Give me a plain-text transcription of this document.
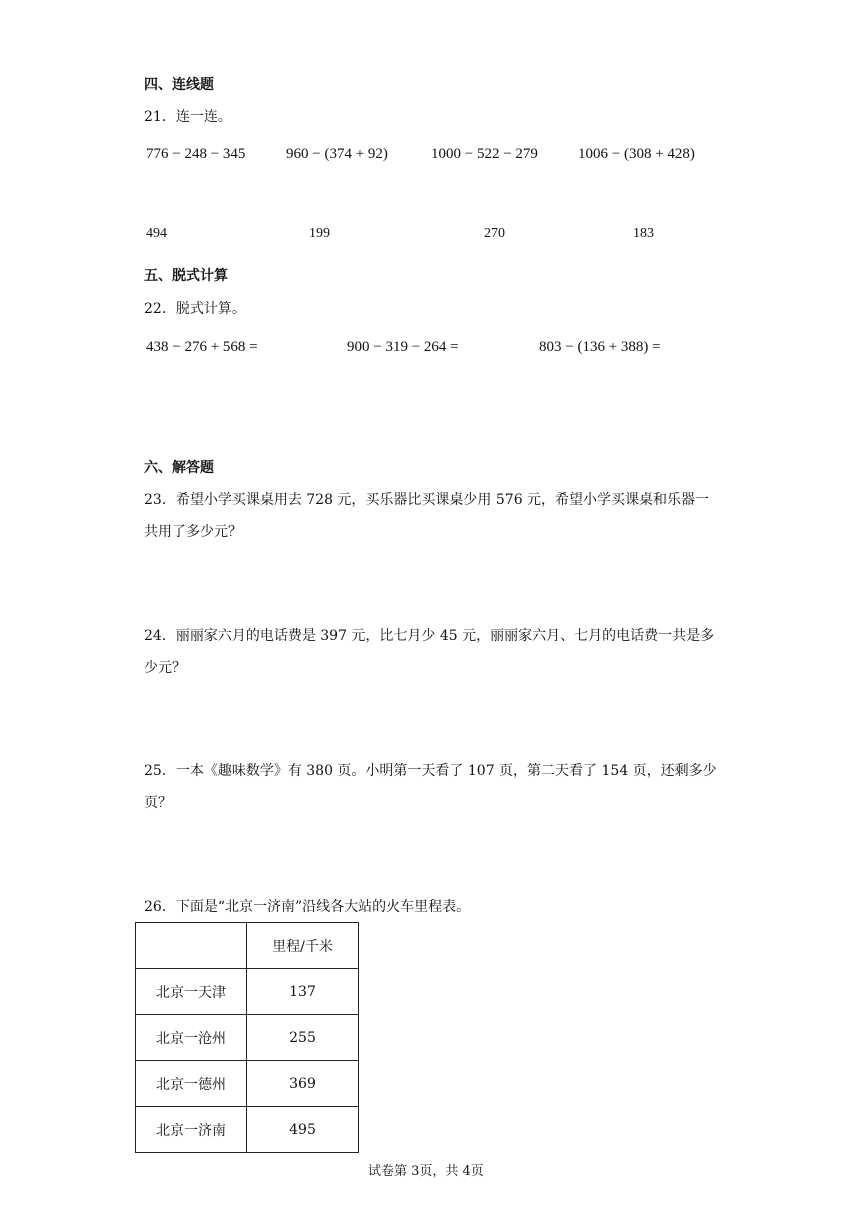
四、连线题
21．连一连。
776 − 248 − 345	960 − (374 + 92)	1000 − 522 − 279	1006 − (308 + 428)
494	199	270	183
五、脱式计算
22．脱式计算。
438 − 276 + 568 =	900 − 319 − 264 =	803 − (136 + 388) =
六、解答题
23．希望小学买课桌用去 728 元，买乐器比买课桌少用 576 元，希望小学买课桌和乐器一共用了多少元？
24．丽丽家六月的电话费是 397 元，比七月少 45 元，丽丽家六月、七月的电话费一共是多少元？
25．一本《趣味数学》有 380 页。小明第一天看了 107 页，第二天看了 154 页，还剩多少页？
26．下面是“北京一济南”沿线各大站的火车里程表。
	里程/千米
北京一天津	137
北京一沧州	255
北京一德州	369
北京一济南	495
试卷第 3页，共 4页
